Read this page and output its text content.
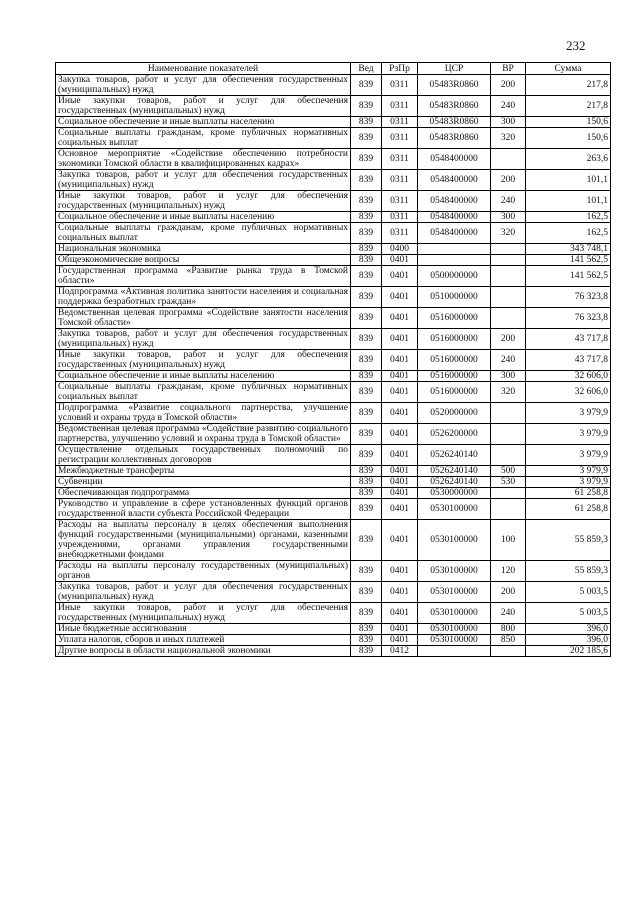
232
Наименование показателей	Вед	РзПр	ЦСР	ВР	Сумма
Закупка товаров, работ и услуг для обеспечения государственных (муниципальных) нужд	839	0311	05483R0860	200	217,8
Иные закупки товаров, работ и услуг для обеспечения государственных (муниципальных) нужд	839	0311	05483R0860	240	217,8
Социальное обеспечение и иные выплаты населению	839	0311	05483R0860	300	150,6
Социальные выплаты гражданам, кроме публичных нормативных социальных выплат	839	0311	05483R0860	320	150,6
Основное мероприятие «Содействие обеспечению потребности экономики Томской области в квалифицированных кадрах»	839	0311	0548400000		263,6
Закупка товаров, работ и услуг для обеспечения государственных (муниципальных) нужд	839	0311	0548400000	200	101,1
Иные закупки товаров, работ и услуг для обеспечения государственных (муниципальных) нужд	839	0311	0548400000	240	101,1
Социальное обеспечение и иные выплаты населению	839	0311	0548400000	300	162,5
Социальные выплаты гражданам, кроме публичных нормативных социальных выплат	839	0311	0548400000	320	162,5
Национальная экономика	839	0400			343 748,1
Общеэкономические вопросы	839	0401			141 562,5
Государственная программа «Развитие рынка труда в Томской области»	839	0401	0500000000		141 562,5
Подпрограмма «Активная политика занятости населения и социальная поддержка безработных граждан»	839	0401	0510000000		76 323,8
Ведомственная целевая программа «Содействие занятости населения Томской области»	839	0401	0516000000		76 323,8
Закупка товаров, работ и услуг для обеспечения государственных (муниципальных) нужд	839	0401	0516000000	200	43 717,8
Иные закупки товаров, работ и услуг для обеспечения государственных (муниципальных) нужд	839	0401	0516000000	240	43 717,8
Социальное обеспечение и иные выплаты населению	839	0401	0516000000	300	32 606,0
Социальные выплаты гражданам, кроме публичных нормативных социальных выплат	839	0401	0516000000	320	32 606,0
Подпрограмма «Развитие социального партнерства, улучшение условий и охраны труда в Томской области»	839	0401	0520000000		3 979,9
Ведомственная целевая программа «Содействие развитию социального партнерства, улучшению условий и охраны труда в Томской области»	839	0401	0526200000		3 979,9
Осуществление отдельных государственных полномочий по регистрации коллективных договоров	839	0401	0526240140		3 979,9
Межбюджетные трансферты	839	0401	0526240140	500	3 979,9
Субвенции	839	0401	0526240140	530	3 979,9
Обеспечивающая подпрограмма	839	0401	0530000000		61 258,8
Руководство и управление в сфере установленных функций органов государственной власти субъекта Российской Федерации	839	0401	0530100000		61 258,8
Расходы на выплаты персоналу в целях обеспечения выполнения функций государственными (муниципальными) органами, казенными учреждениями, органами управления государственными внебюджетными фондами	839	0401	0530100000	100	55 859,3
Расходы на выплаты персоналу государственных (муниципальных) органов	839	0401	0530100000	120	55 859,3
Закупка товаров, работ и услуг для обеспечения государственных (муниципальных) нужд	839	0401	0530100000	200	5 003,5
Иные закупки товаров, работ и услуг для обеспечения государственных (муниципальных) нужд	839	0401	0530100000	240	5 003,5
Иные бюджетные ассигнования	839	0401	0530100000	800	396,0
Уплата налогов, сборов и иных платежей	839	0401	0530100000	850	396,0
Другие вопросы в области национальной экономики	839	0412			202 185,6
